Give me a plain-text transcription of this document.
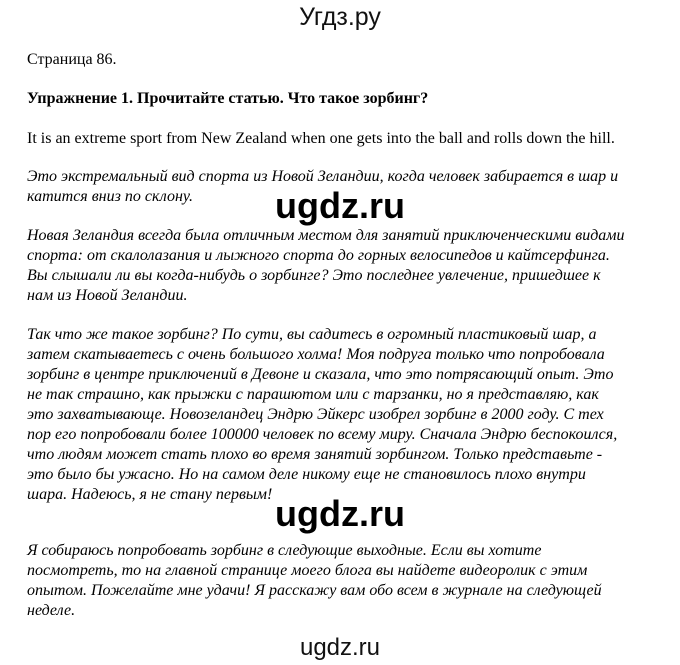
Угдз.ру
Страница 86.
Упражнение 1. Прочитайте статью. Что такое зорбинг?
It is an extreme sport from New Zealand when one gets into the ball and rolls down the hill.
Это экстремальный вид спорта из Новой Зеландии, когда человек забирается в шар и катится вниз по склону.	ugdz.ru
Новая Зеландия всегда была отличным местом для занятий приключенческими видами спорта: от скалолазания и лыжного спорта до горных велосипедов и кайтсерфинга. Вы слышали ли вы когда-нибудь о зорбинге? Это последнее увлечение, пришедшее к нам из Новой Зеландии.
Так что же такое зорбинг? По сути, вы садитесь в огромный пластиковый шар, а затем скатываетесь с очень большого холма! Моя подруга только что попробовала зорбинг в центре приключений в Девоне и сказала, что это потрясающий опыт. Это не так страшно, как прыжки с парашютом или с тарзанки, но я представляю, как это захватывающе. Новозеландец Эндрю Эйкерс изобрел зорбинг в 2000 году. С тех пор его попробовали более 100000 человек по всему миру. Сначала Эндрю беспокоился, что людям может стать плохо во время занятий зорбингом. Только представьте - это было бы ужасно. Но на самом деле никому еще не становилось плохо внутри шара. Надеюсь, я не стану первым! ugdz.ru
Я собираюсь попробовать зорбинг в следующие выходные. Если вы хотите посмотреть, то на главной странице моего блога вы найдете видеоролик с этим опытом. Пожелайте мне удачи! Я расскажу вам обо всем в журнале на следующей неделе.
ugdz.ru
